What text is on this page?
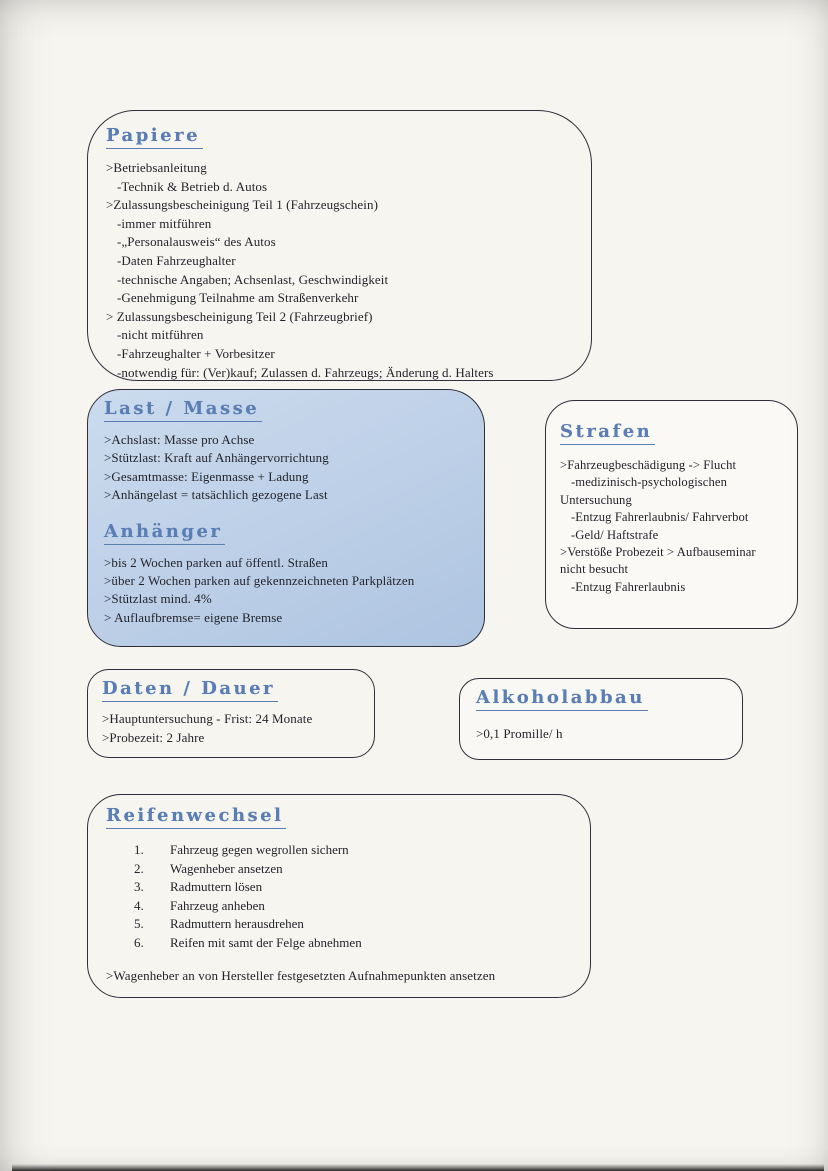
Papiere
>Betriebsanleitung
-Technik & Betrieb d. Autos
>Zulassungsbescheinigung Teil 1 (Fahrzeugschein)
-immer mitführen
-„Personalausweis“ des Autos
-Daten Fahrzeughalter
-technische Angaben; Achsenlast, Geschwindigkeit
-Genehmigung Teilnahme am Straßenverkehr
> Zulassungsbescheinigung Teil 2 (Fahrzeugbrief)
-nicht mitführen
-Fahrzeughalter + Vorbesitzer
-notwendig für: (Ver)kauf; Zulassen d. Fahrzeugs; Änderung d. Halters
Last / Masse
>Achslast: Masse pro Achse
>Stützlast: Kraft auf Anhängervorrichtung
>Gesamtmasse: Eigenmasse + Ladung
>Anhängelast = tatsächlich gezogene Last
Anhänger
>bis 2 Wochen parken auf öffentl. Straßen
>über 2 Wochen parken auf gekennzeichneten Parkplätzen
>Stützlast mind. 4%
> Auflaufbremse= eigene Bremse
Strafen
>Fahrzeugbeschädigung -> Flucht
-medizinisch-psychologischen
Untersuchung
-Entzug Fahrerlaubnis/ Fahrverbot
-Geld/ Haftstrafe
>Verstöße Probezeit > Aufbauseminar
nicht besucht
-Entzug Fahrerlaubnis
Daten / Dauer
>Hauptuntersuchung - Frist: 24 Monate
>Probezeit: 2 Jahre
Alkoholabbau
>0,1 Promille/ h
Reifenwechsel
1.	Fahrzeug gegen wegrollen sichern
2.	Wagenheber ansetzen
3.	Radmuttern lösen
4.	Fahrzeug anheben
5.	Radmuttern herausdrehen
6.	Reifen mit samt der Felge abnehmen
>Wagenheber an von Hersteller festgesetzten Aufnahmepunkten ansetzen
